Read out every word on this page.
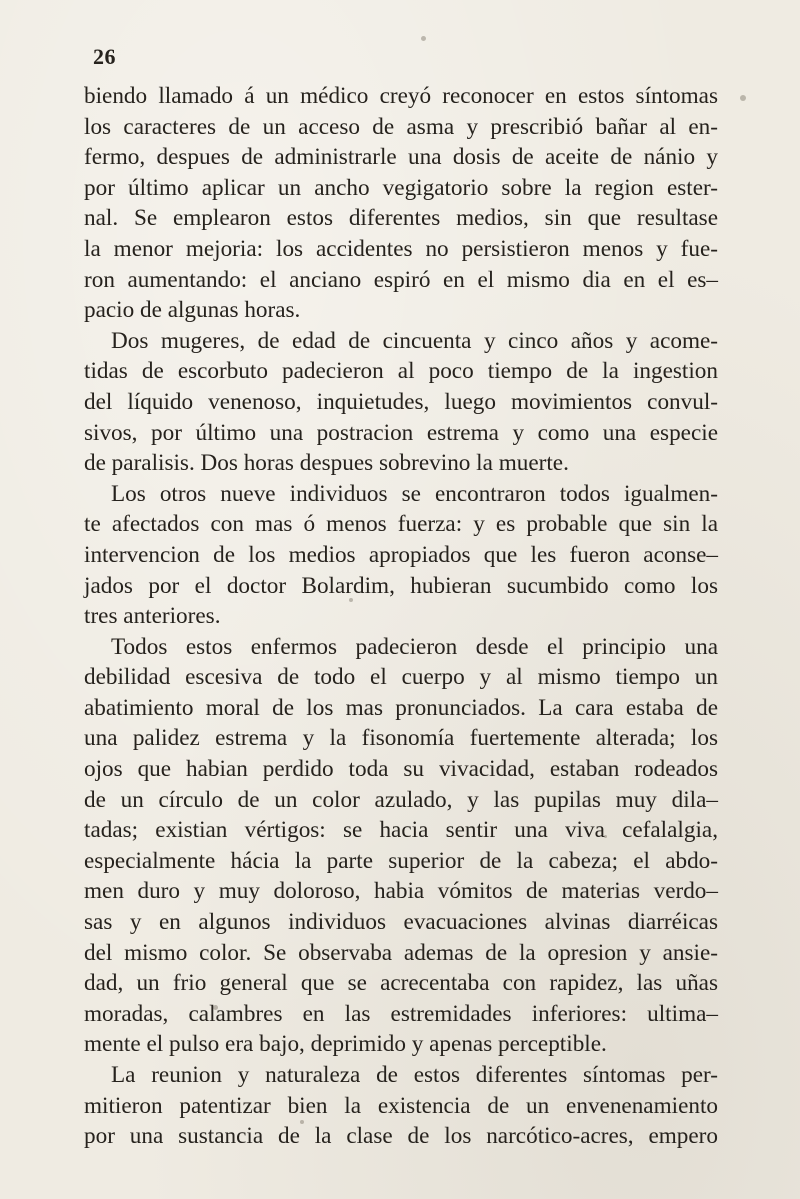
26
biendo llamado á un médico creyó reconocer en estos síntomas
los caracteres de un acceso de asma y prescribió bañar al en-
fermo, despues de administrarle una dosis de aceite de nánio y
por último aplicar un ancho vegigatorio sobre la region ester-
nal. Se emplearon estos diferentes medios, sin que resultase
la menor mejoria: los accidentes no persistieron menos y fue-
ron aumentando: el anciano espiró en el mismo dia en el es–
pacio de algunas horas.
Dos mugeres, de edad de cincuenta y cinco años y acome-
tidas de escorbuto padecieron al poco tiempo de la ingestion
del líquido venenoso, inquietudes, luego movimientos convul-
sivos, por último una postracion estrema y como una especie
de paralisis. Dos horas despues sobrevino la muerte.
Los otros nueve individuos se encontraron todos igualmen-
te afectados con mas ó menos fuerza: y es probable que sin la
intervencion de los medios apropiados que les fueron aconse–
jados por el doctor Bolardim, hubieran sucumbido como los
tres anteriores.
Todos estos enfermos padecieron desde el principio una
debilidad escesiva de todo el cuerpo y al mismo tiempo un
abatimiento moral de los mas pronunciados. La cara estaba de
una palidez estrema y la fisonomía fuertemente alterada; los
ojos que habian perdido toda su vivacidad, estaban rodeados
de un círculo de un color azulado, y las pupilas muy dila–
tadas; existian vértigos: se hacia sentir una viva cefalalgia,
especialmente hácia la parte superior de la cabeza; el abdo-
men duro y muy doloroso, habia vómitos de materias verdo–
sas y en algunos individuos evacuaciones alvinas diarréicas
del mismo color. Se observaba ademas de la opresion y ansie-
dad, un frio general que se acrecentaba con rapidez, las uñas
moradas, calambres en las estremidades inferiores: ultima–
mente el pulso era bajo, deprimido y apenas perceptible.
La reunion y naturaleza de estos diferentes síntomas per-
mitieron patentizar bien la existencia de un envenenamiento
por una sustancia de la clase de los narcótico-acres, empero
